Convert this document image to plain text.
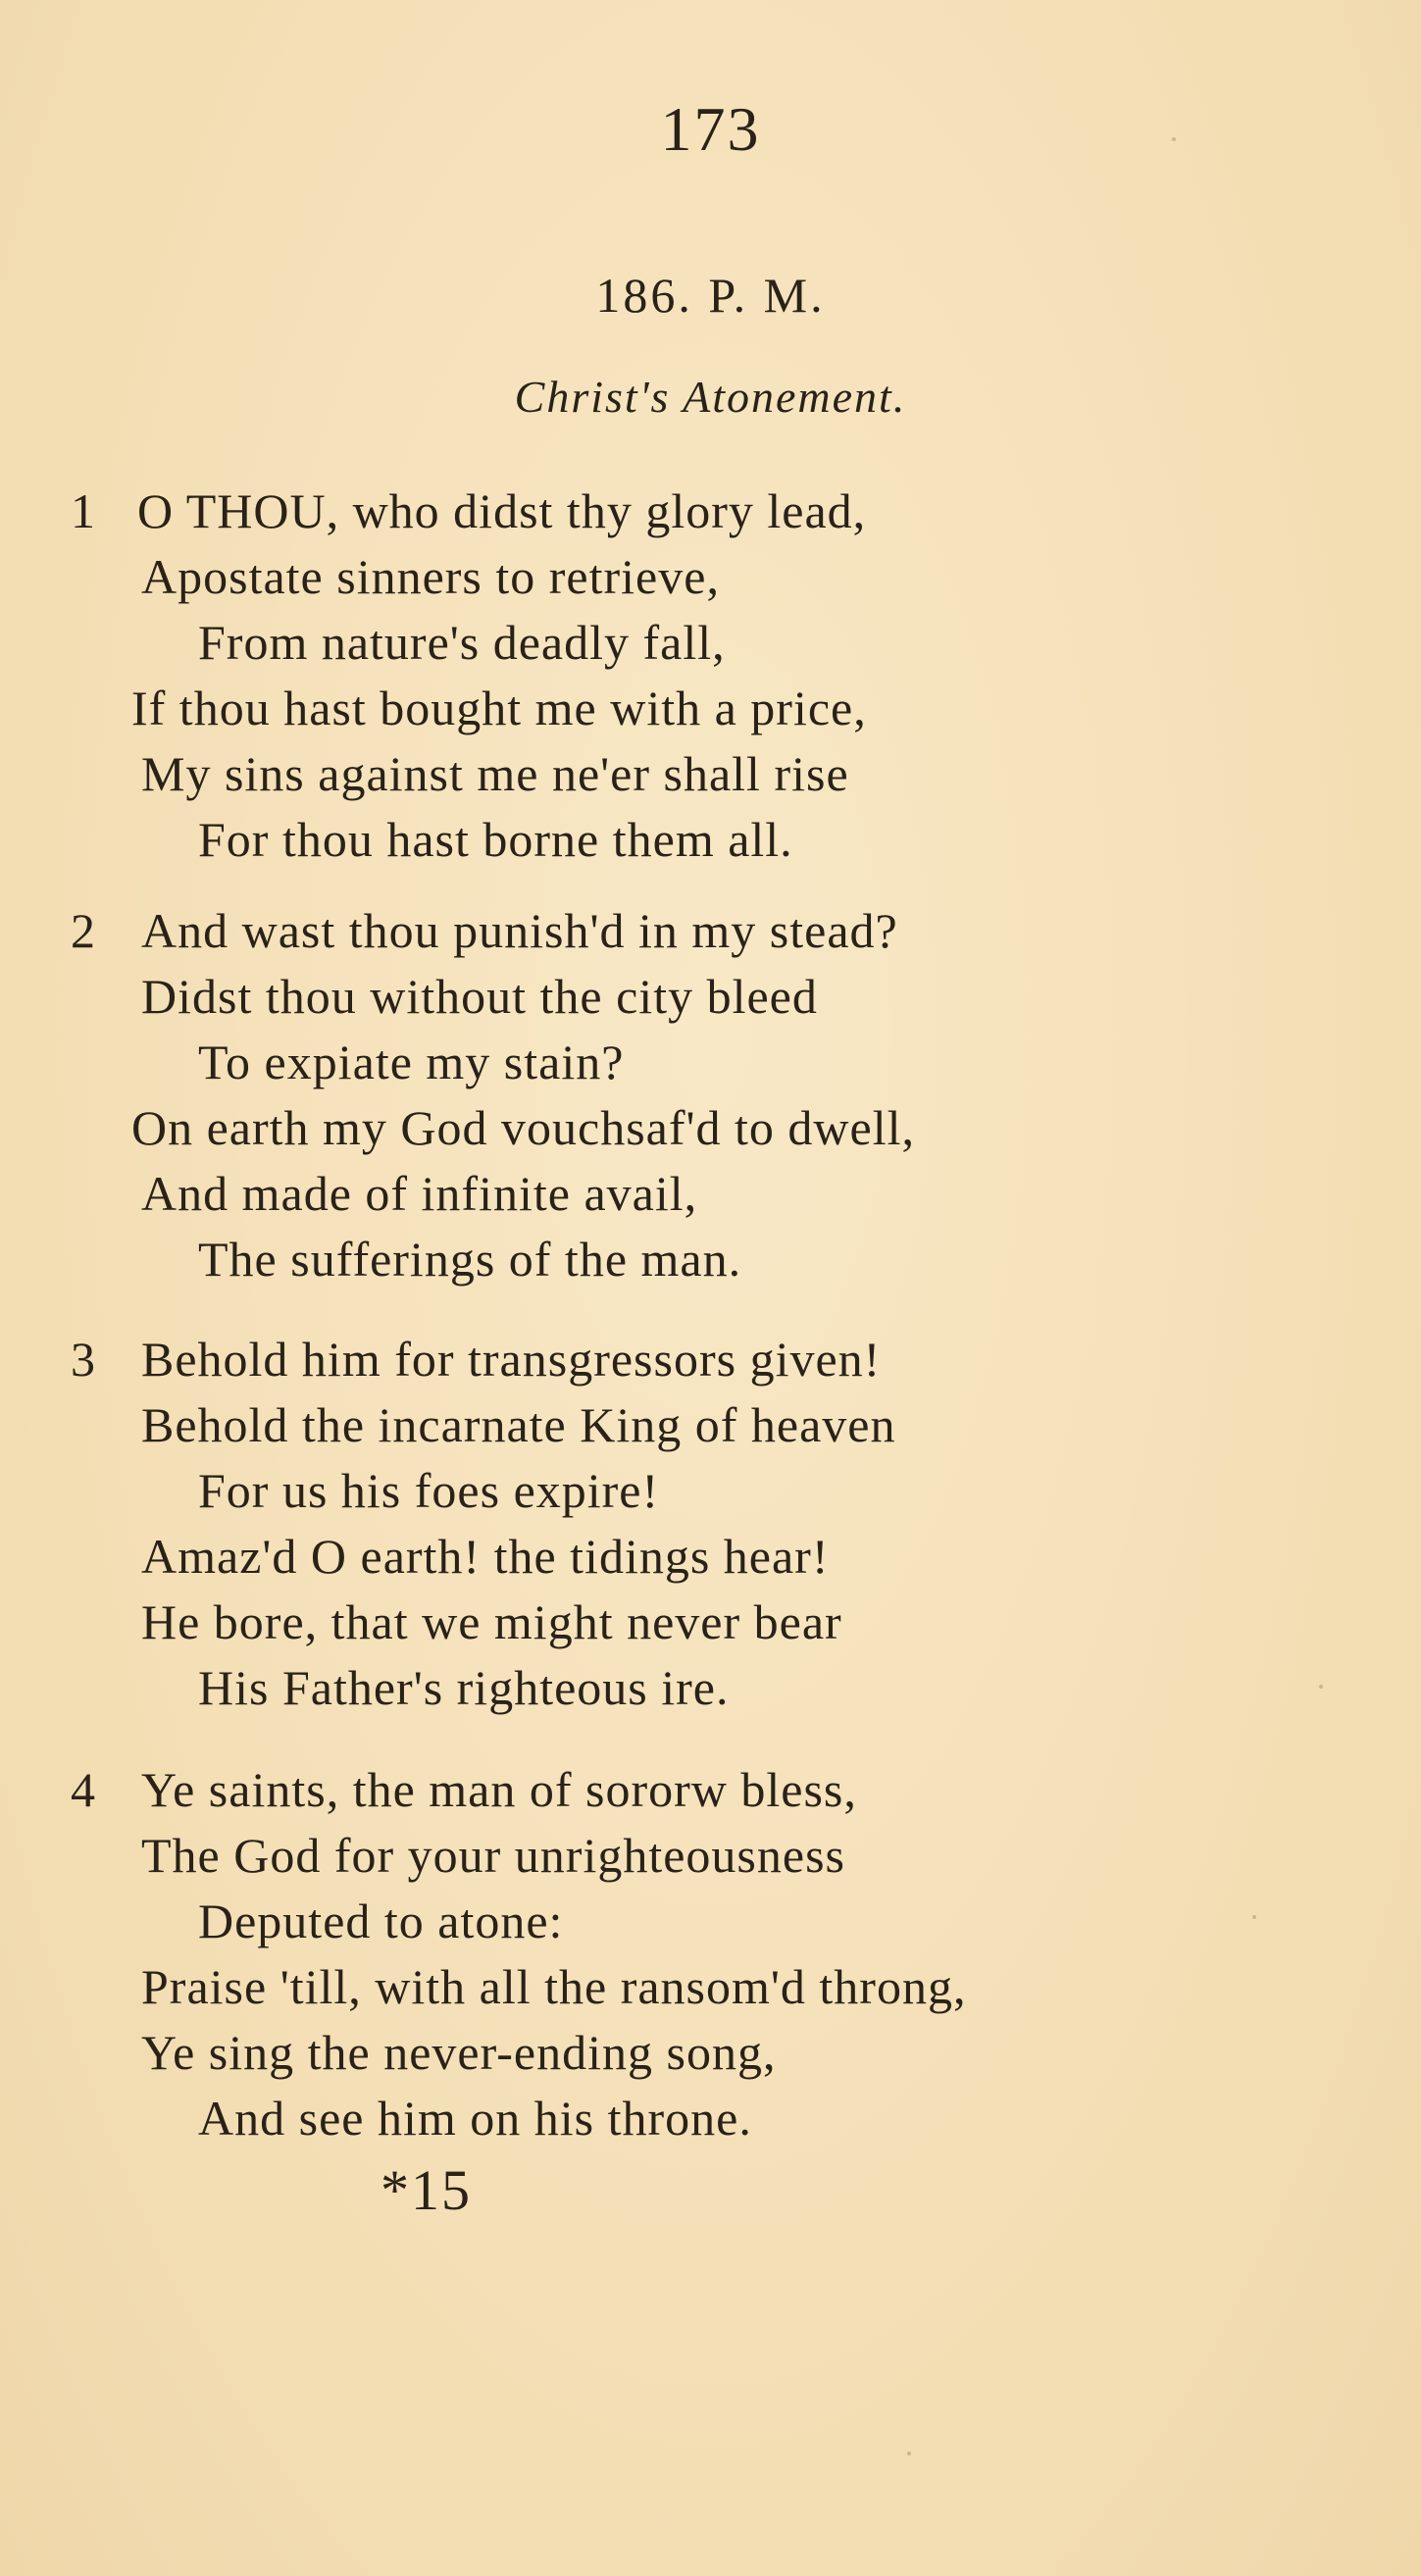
173
186. P. M.
Christ's Atonement.
1 O THOU, who didst thy glory lead,
Apostate sinners to retrieve,
From nature's deadly fall,
If thou hast bought me with a price,
My sins against me ne'er shall rise
For thou hast borne them all.
2 And wast thou punish'd in my stead?
Didst thou without the city bleed
To expiate my stain?
On earth my God vouchsaf'd to dwell,
And made of infinite avail,
The sufferings of the man.
3 Behold him for transgressors given!
Behold the incarnate King of heaven
For us his foes expire!
Amaz'd O earth! the tidings hear!
He bore, that we might never bear
His Father's righteous ire.
4 Ye saints, the man of sororw bless,
The God for your unrighteousness
Deputed to atone:
Praise 'till, with all the ransom'd throng,
Ye sing the never-ending song,
And see him on his throne.
*15
